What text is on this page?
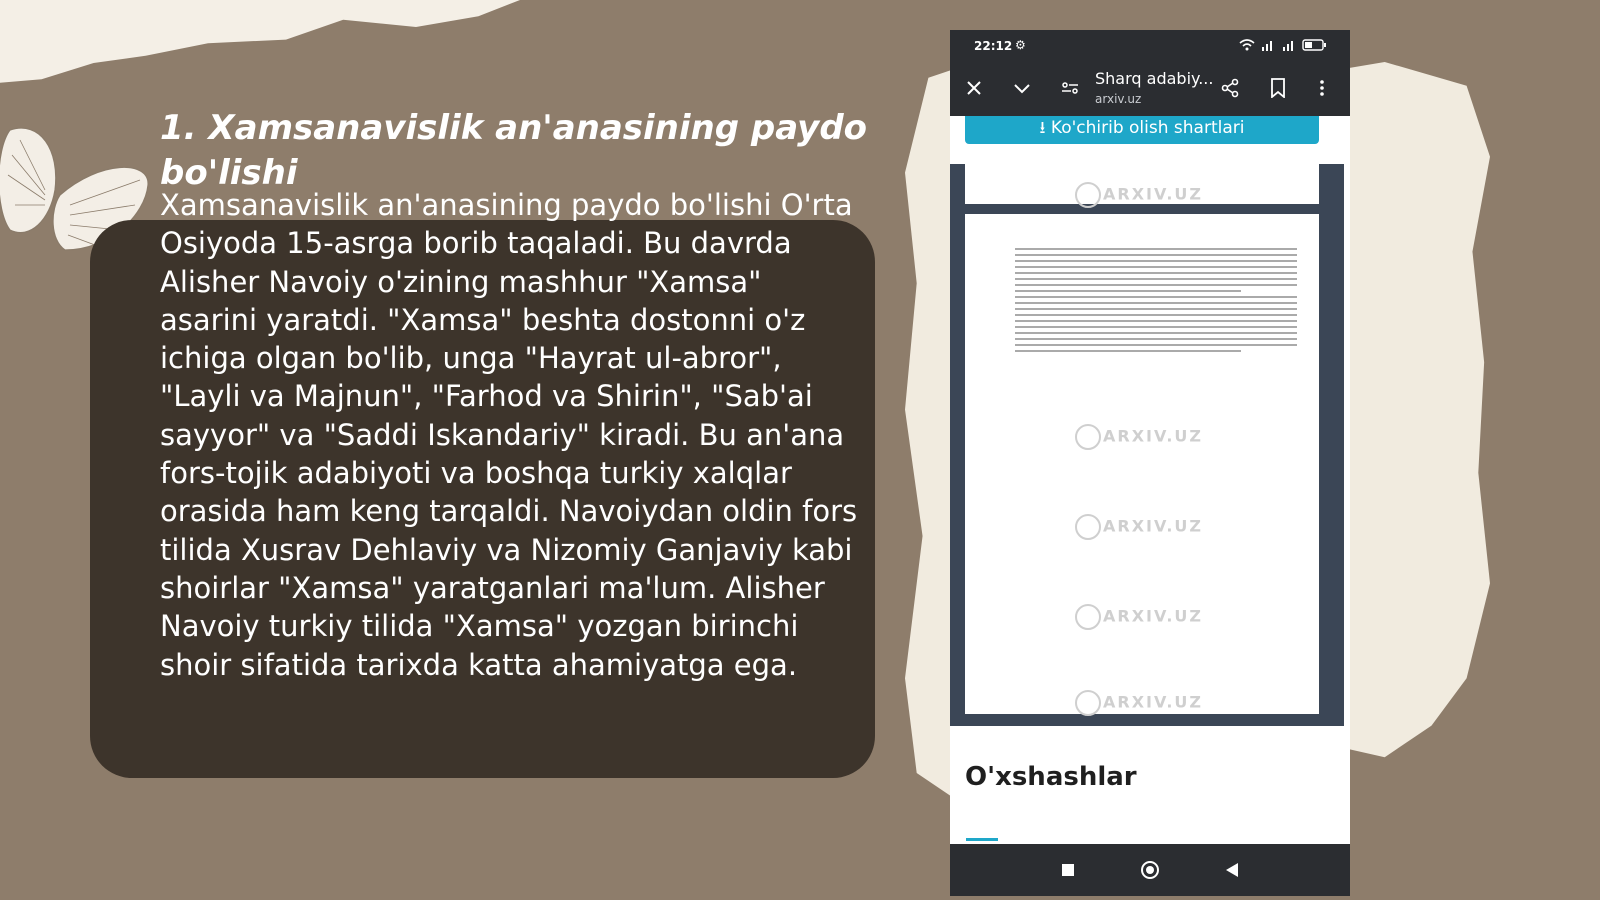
1. Xamsanavislik an'anasining paydo bo'lishi

Xamsanavislik an'anasining paydo bo'lishi O'rta Osiyoda 15-asrga borib taqaladi. Bu davrda Alisher Navoiy o'zining mashhur "Xamsa" asarini yaratdi. "Xamsa" beshta dostonni o'z ichiga olgan bo'lib, unga "Hayrat ul-abror", "Layli va Majnun", "Farhod va Shirin", "Sab'ai sayyor" va "Saddi Iskandariy" kiradi. Bu an'ana fors-tojik adabiyoti va boshqa turkiy xalqlar orasida ham keng tarqaldi. Navoiydan oldin fors tilida Xusrav Dehlaviy va Nizomiy Ganjaviy kabi shoirlar "Xamsa" yaratganlari ma'lum. Alisher Navoiy turkiy tilida "Xamsa" yozgan birinchi shoir sifatida tarixda katta ahamiyatga ega.

22:12 ⚙

Sharq adabiy...
arxiv.uz
⭳ Ko'chirib olish shartlari
ARXIV.UZ
ARXIV.UZ
ARXIV.UZ
ARXIV.UZ
ARXIV.UZ
O'xshashlar
